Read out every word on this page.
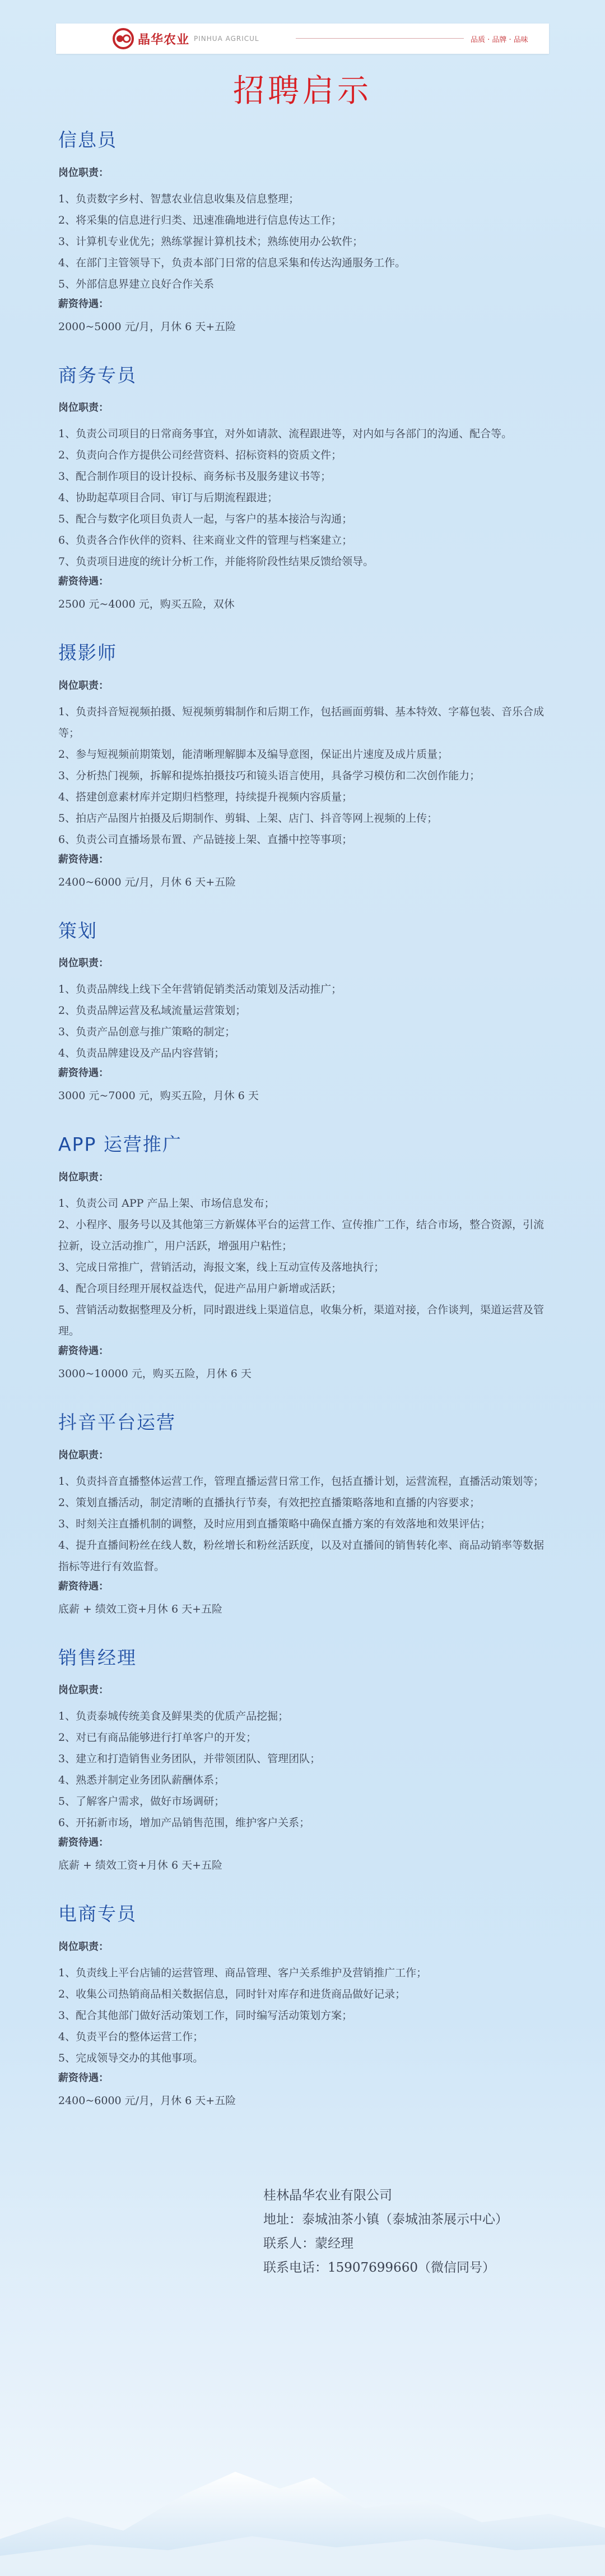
晶华农业 PINHUA AGRICUL	品质 · 品牌 · 品味
招聘启示
信息员
岗位职责：
1、负责数字乡村、智慧农业信息收集及信息整理；
2、将采集的信息进行归类、迅速准确地进行信息传达工作；
3、计算机专业优先；熟练掌握计算机技术；熟练使用办公软件；
4、在部门主管领导下，负责本部门日常的信息采集和传达沟通服务工作。
5、外部信息界建立良好合作关系
薪资待遇：
2000~5000 元/月，月休 6 天+五险
商务专员
岗位职责：
1、负责公司项目的日常商务事宜，对外如请款、流程跟进等，对内如与各部门的沟通、配合等。
2、负责向合作方提供公司经营资料、招标资料的资质文件；
3、配合制作项目的设计投标、商务标书及服务建议书等；
4、协助起草项目合同、审订与后期流程跟进；
5、配合与数字化项目负责人一起，与客户的基本接洽与沟通；
6、负责各合作伙伴的资料、往来商业文件的管理与档案建立；
7、负责项目进度的统计分析工作，并能将阶段性结果反馈给领导。
薪资待遇：
2500 元~4000 元，购买五险，双休
摄影师
岗位职责：
1、负责抖音短视频拍摄、短视频剪辑制作和后期工作，包括画面剪辑、基本特效、字幕包装、音乐合成等；
2、参与短视频前期策划，能清晰理解脚本及编导意图，保证出片速度及成片质量；
3、分析热门视频，拆解和提炼拍摄技巧和镜头语言使用，具备学习模仿和二次创作能力；
4、搭建创意素材库并定期归档整理，持续提升视频内容质量；
5、拍店产品图片拍摄及后期制作、剪辑、上架、店门、抖音等网上视频的上传；
6、负责公司直播场景布置、产品链接上架、直播中控等事项；
薪资待遇：
2400~6000 元/月，月休 6 天+五险
策划
岗位职责：
1、负责品牌线上线下全年营销促销类活动策划及活动推广；
2、负责品牌运营及私域流量运营策划；
3、负责产品创意与推广策略的制定；
4、负责品牌建设及产品内容营销；
薪资待遇：
3000 元~7000 元，购买五险，月休 6 天
APP 运营推广
岗位职责：
1、负责公司 APP 产品上架、市场信息发布；
2、小程序、服务号以及其他第三方新媒体平台的运营工作、宣传推广工作，结合市场，整合资源，引流拉新，设立活动推广，用户活跃，增强用户粘性；
3、完成日常推广，营销活动，海报文案，线上互动宣传及落地执行；
4、配合项目经理开展权益迭代，促进产品用户新增或活跃；
5、营销活动数据整理及分析，同时跟进线上渠道信息，收集分析，渠道对接，合作谈判，渠道运营及管理。
薪资待遇：
3000~10000 元，购买五险，月休 6 天
抖音平台运营
岗位职责：
1、负责抖音直播整体运营工作，管理直播运营日常工作，包括直播计划，运营流程，直播活动策划等；
2、策划直播活动，制定清晰的直播执行节奏，有效把控直播策略落地和直播的内容要求；
3、时刻关注直播机制的调整，及时应用到直播策略中确保直播方案的有效落地和效果评估；
4、提升直播间粉丝在线人数，粉丝增长和粉丝活跃度，以及对直播间的销售转化率、商品动销率等数据指标等进行有效监督。
薪资待遇：
底薪 + 绩效工资+月休 6 天+五险
销售经理
岗位职责：
1、负责泰城传统美食及鲜果类的优质产品挖掘；
2、对已有商品能够进行打单客户的开发；
3、建立和打造销售业务团队，并带领团队、管理团队；
4、熟悉并制定业务团队薪酬体系；
5、了解客户需求，做好市场调研；
6、开拓新市场，增加产品销售范围，维护客户关系；
薪资待遇：
底薪 + 绩效工资+月休 6 天+五险
电商专员
岗位职责：
1、负责线上平台店铺的运营管理、商品管理、客户关系维护及营销推广工作；
2、收集公司热销商品相关数据信息，同时针对库存和进货商品做好记录；
3、配合其他部门做好活动策划工作，同时编写活动策划方案；
4、负责平台的整体运营工作；
5、完成领导交办的其他事项。
薪资待遇：
2400~6000 元/月，月休 6 天+五险
桂林晶华农业有限公司
地址：泰城油茶小镇（泰城油茶展示中心）
联系人：蒙经理
联系电话：15907699660（微信同号）
